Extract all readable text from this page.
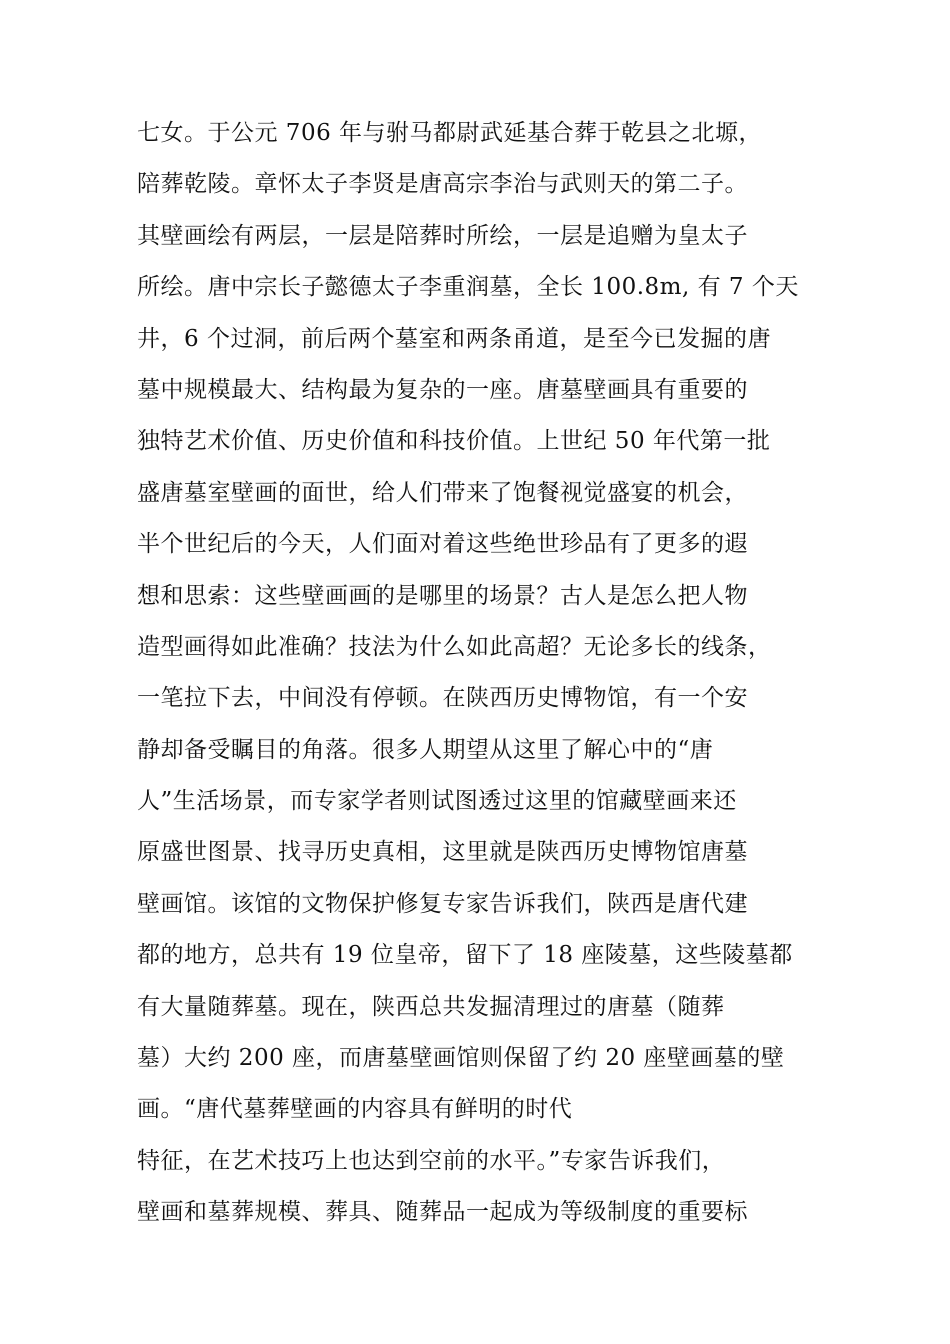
七女。于公元 706 年与驸马都尉武延基合葬于乾县之北塬，
陪葬乾陵。章怀太子李贤是唐高宗李治与武则天的第二子。
其壁画绘有两层，一层是陪葬时所绘，一层是追赠为皇太子
所绘。唐中宗长子懿德太子李重润墓，全长 100.8m, 有 7 个天
井，6 个过洞，前后两个墓室和两条甬道，是至今已发掘的唐
墓中规模最大、结构最为复杂的一座。唐墓壁画具有重要的
独特艺术价值、历史价值和科技价值。上世纪 50 年代第一批
盛唐墓室壁画的面世，给人们带来了饱餐视觉盛宴的机会，
半个世纪后的今天，人们面对着这些绝世珍品有了更多的遐
想和思索：这些壁画画的是哪里的场景？古人是怎么把人物
造型画得如此准确？技法为什么如此高超？无论多长的线条，
一笔拉下去，中间没有停顿。在陕西历史博物馆，有一个安
静却备受瞩目的角落。很多人期望从这里了解心中的“唐
人”生活场景，而专家学者则试图透过这里的馆藏壁画来还
原盛世图景、找寻历史真相，这里就是陕西历史博物馆唐墓
壁画馆。该馆的文物保护修复专家告诉我们，陕西是唐代建
都的地方，总共有 19 位皇帝，留下了 18 座陵墓，这些陵墓都
有大量随葬墓。现在，陕西总共发掘清理过的唐墓（随葬
墓）大约 200 座，而唐墓壁画馆则保留了约 20 座壁画墓的壁
画。“唐代墓葬壁画的内容具有鲜明的时代
特征，在艺术技巧上也达到空前的水平。”专家告诉我们，
壁画和墓葬规模、葬具、随葬品一起成为等级制度的重要标
